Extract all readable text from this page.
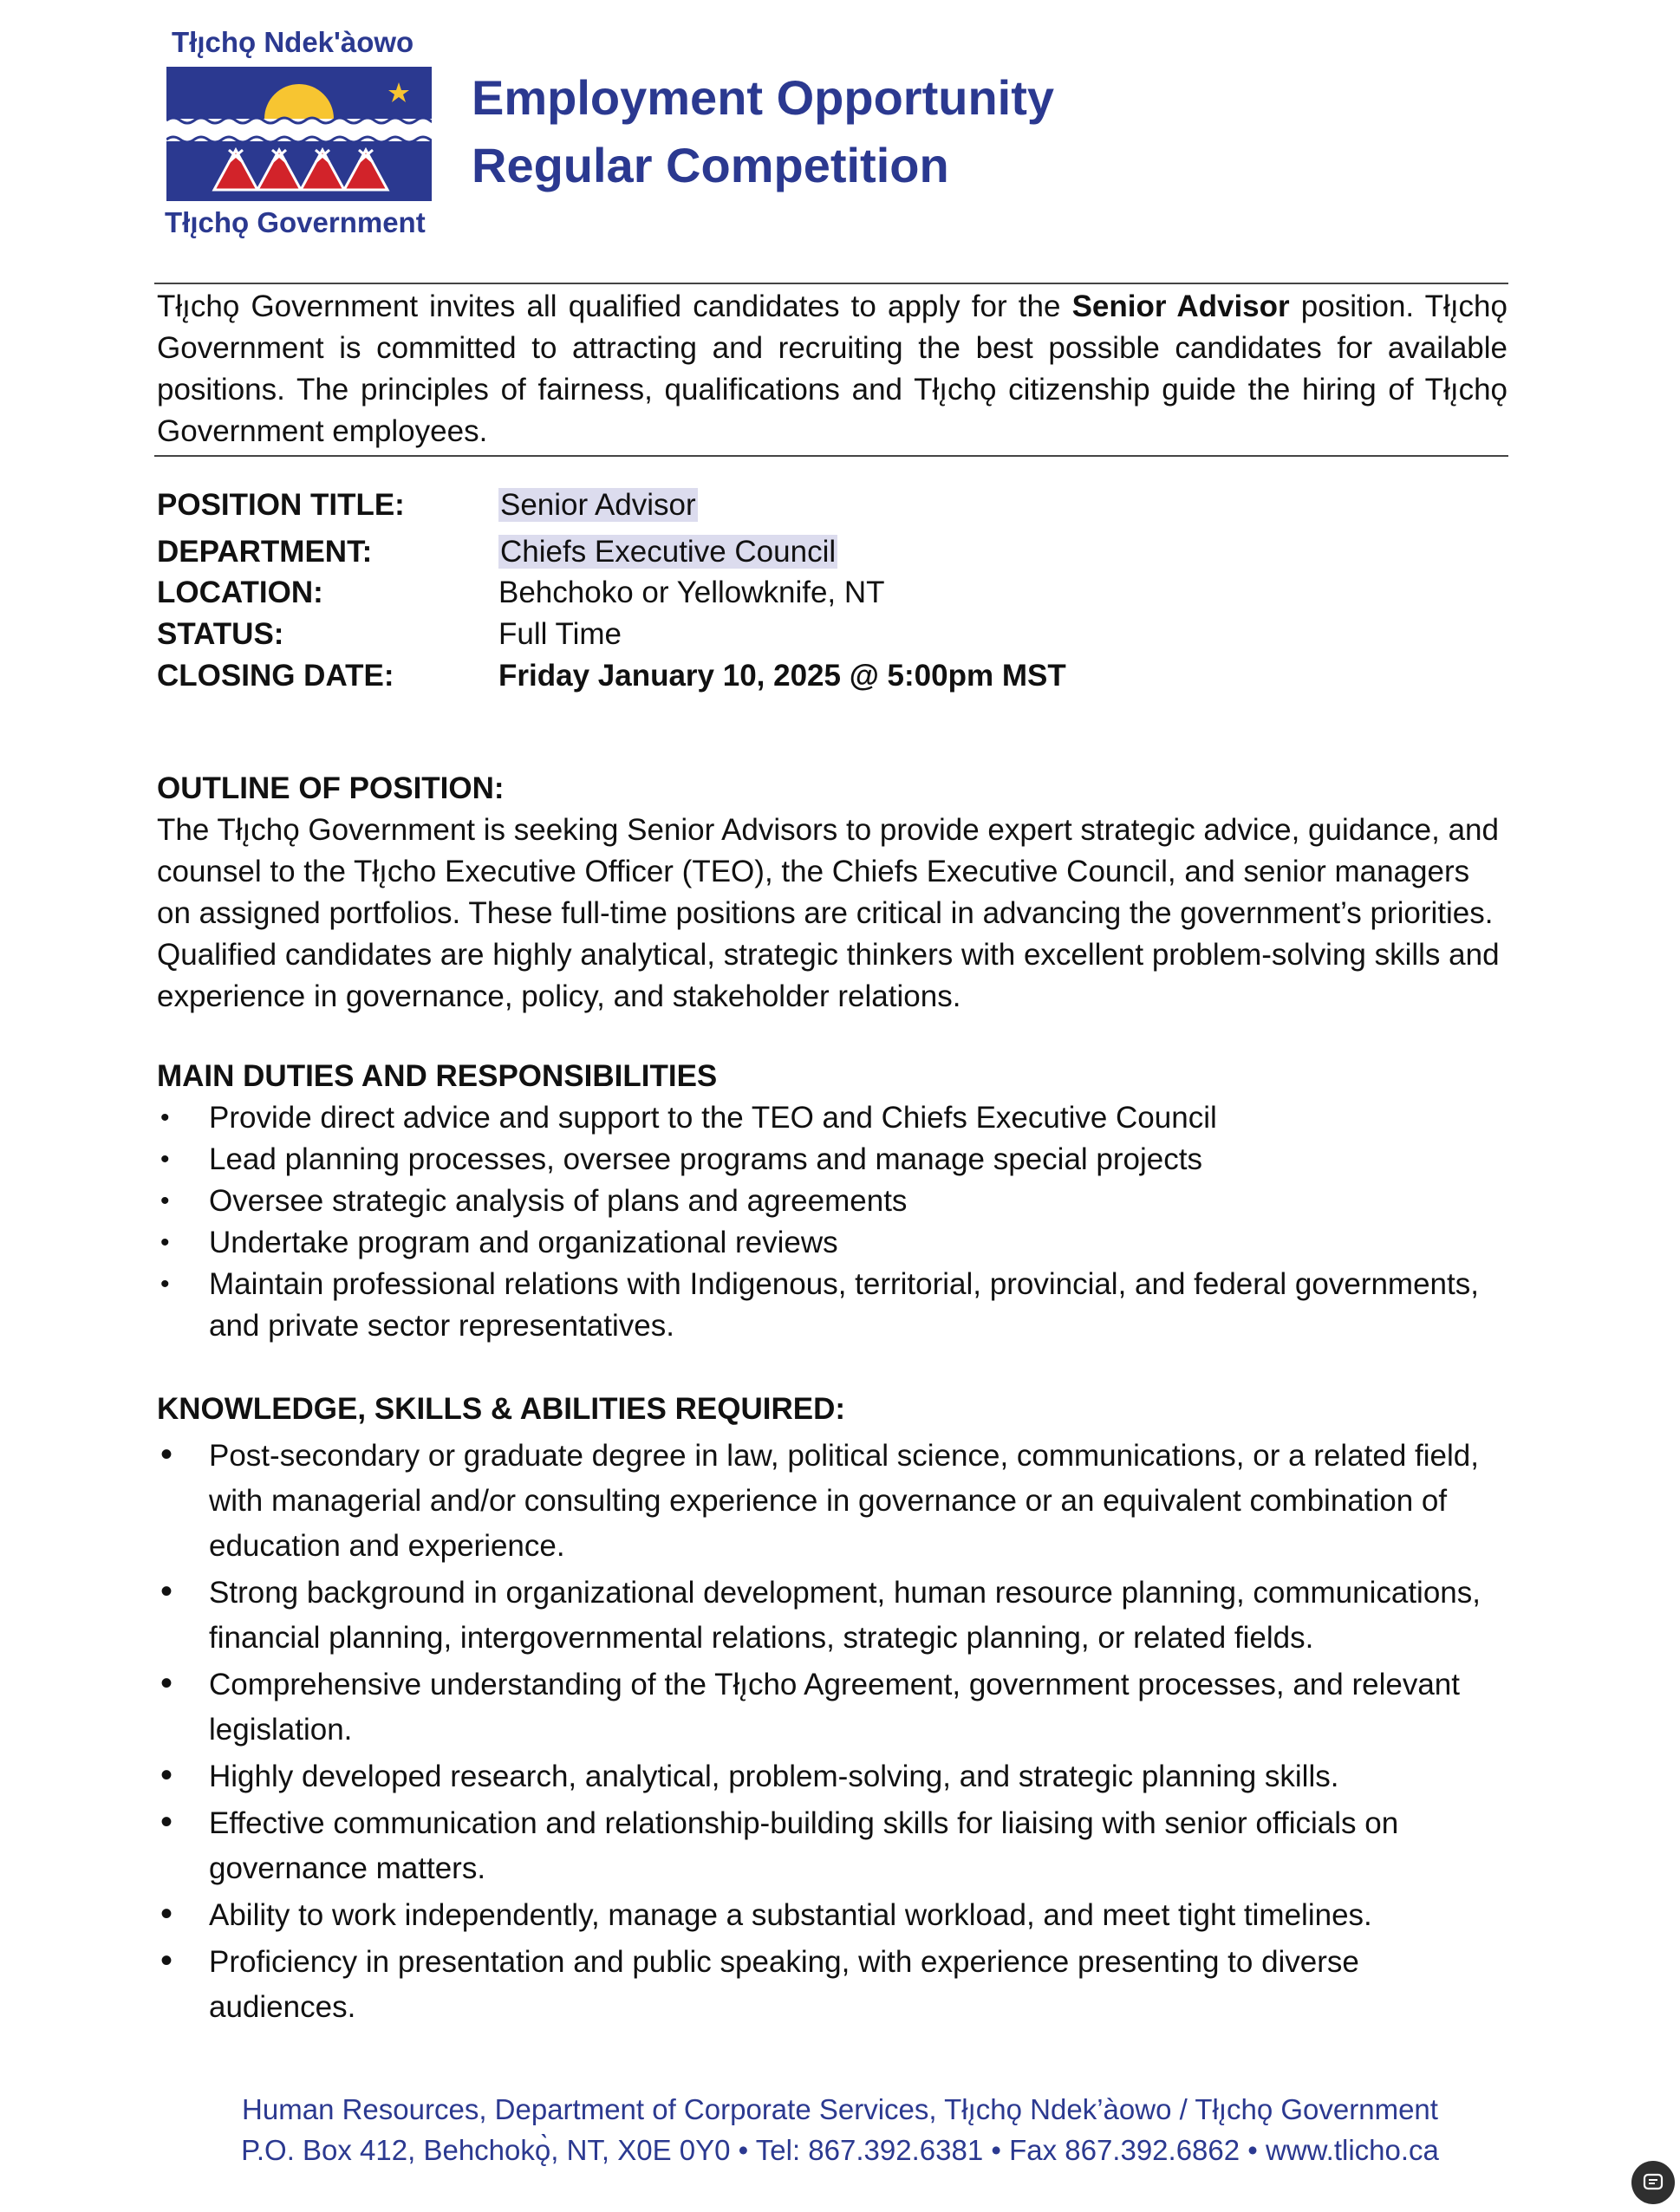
Tłı̨chǫ Ndek'àowo
Tłı̨chǫ Government
Employment Opportunity
Regular Competition

Tłı̨chǫ Government invites all qualified candidates to apply for the Senior Advisor position. Tłı̨chǫ Government is committed to attracting and recruiting the best possible candidates for available positions. The principles of fairness, qualifications and Tłı̨chǫ citizenship guide the hiring of Tłı̨chǫ Government employees.

POSITION TITLE:	Senior Advisor
DEPARTMENT:	Chiefs Executive Council
LOCATION:	Behchoko or Yellowknife, NT
STATUS:	Full Time
CLOSING DATE:	Friday January 10, 2025 @ 5:00pm MST
OUTLINE OF POSITION:

The Tłı̨chǫ Government is seeking Senior Advisors to provide expert strategic advice, guidance, and counsel to the Tłı̨cho Executive Officer (TEO), the Chiefs Executive Council, and senior managers on assigned portfolios. These full-time positions are critical in advancing the government’s priorities. Qualified candidates are highly analytical, strategic thinkers with excellent problem-solving skills and experience in governance, policy, and stakeholder relations.

MAIN DUTIES AND RESPONSIBILITIES
• Provide direct advice and support to the TEO and Chiefs Executive Council
• Lead planning processes, oversee programs and manage special projects
• Oversee strategic analysis of plans and agreements
• Undertake program and organizational reviews
• Maintain professional relations with Indigenous, territorial, provincial, and federal governments, and private sector representatives.
KNOWLEDGE, SKILLS & ABILITIES REQUIRED:
• Post-secondary or graduate degree in law, political science, communications, or a related field, with managerial and/or consulting experience in governance or an equivalent combination of education and experience.
• Strong background in organizational development, human resource planning, communications, financial planning, intergovernmental relations, strategic planning, or related fields.
• Comprehensive understanding of the Tłı̨cho Agreement, government processes, and relevant legislation.
• Highly developed research, analytical, problem-solving, and strategic planning skills.
• Effective communication and relationship-building skills for liaising with senior officials on governance matters.
• Ability to work independently, manage a substantial workload, and meet tight timelines.
• Proficiency in presentation and public speaking, with experience presenting to diverse audiences.
Human Resources, Department of Corporate Services, Tłı̨chǫ Ndek’àowo / Tłı̨chǫ Government
P.O. Box 412, Behchokǫ̀, NT, X0E 0Y0 • Tel: 867.392.6381 • Fax 867.392.6862 • www.tlicho.ca
